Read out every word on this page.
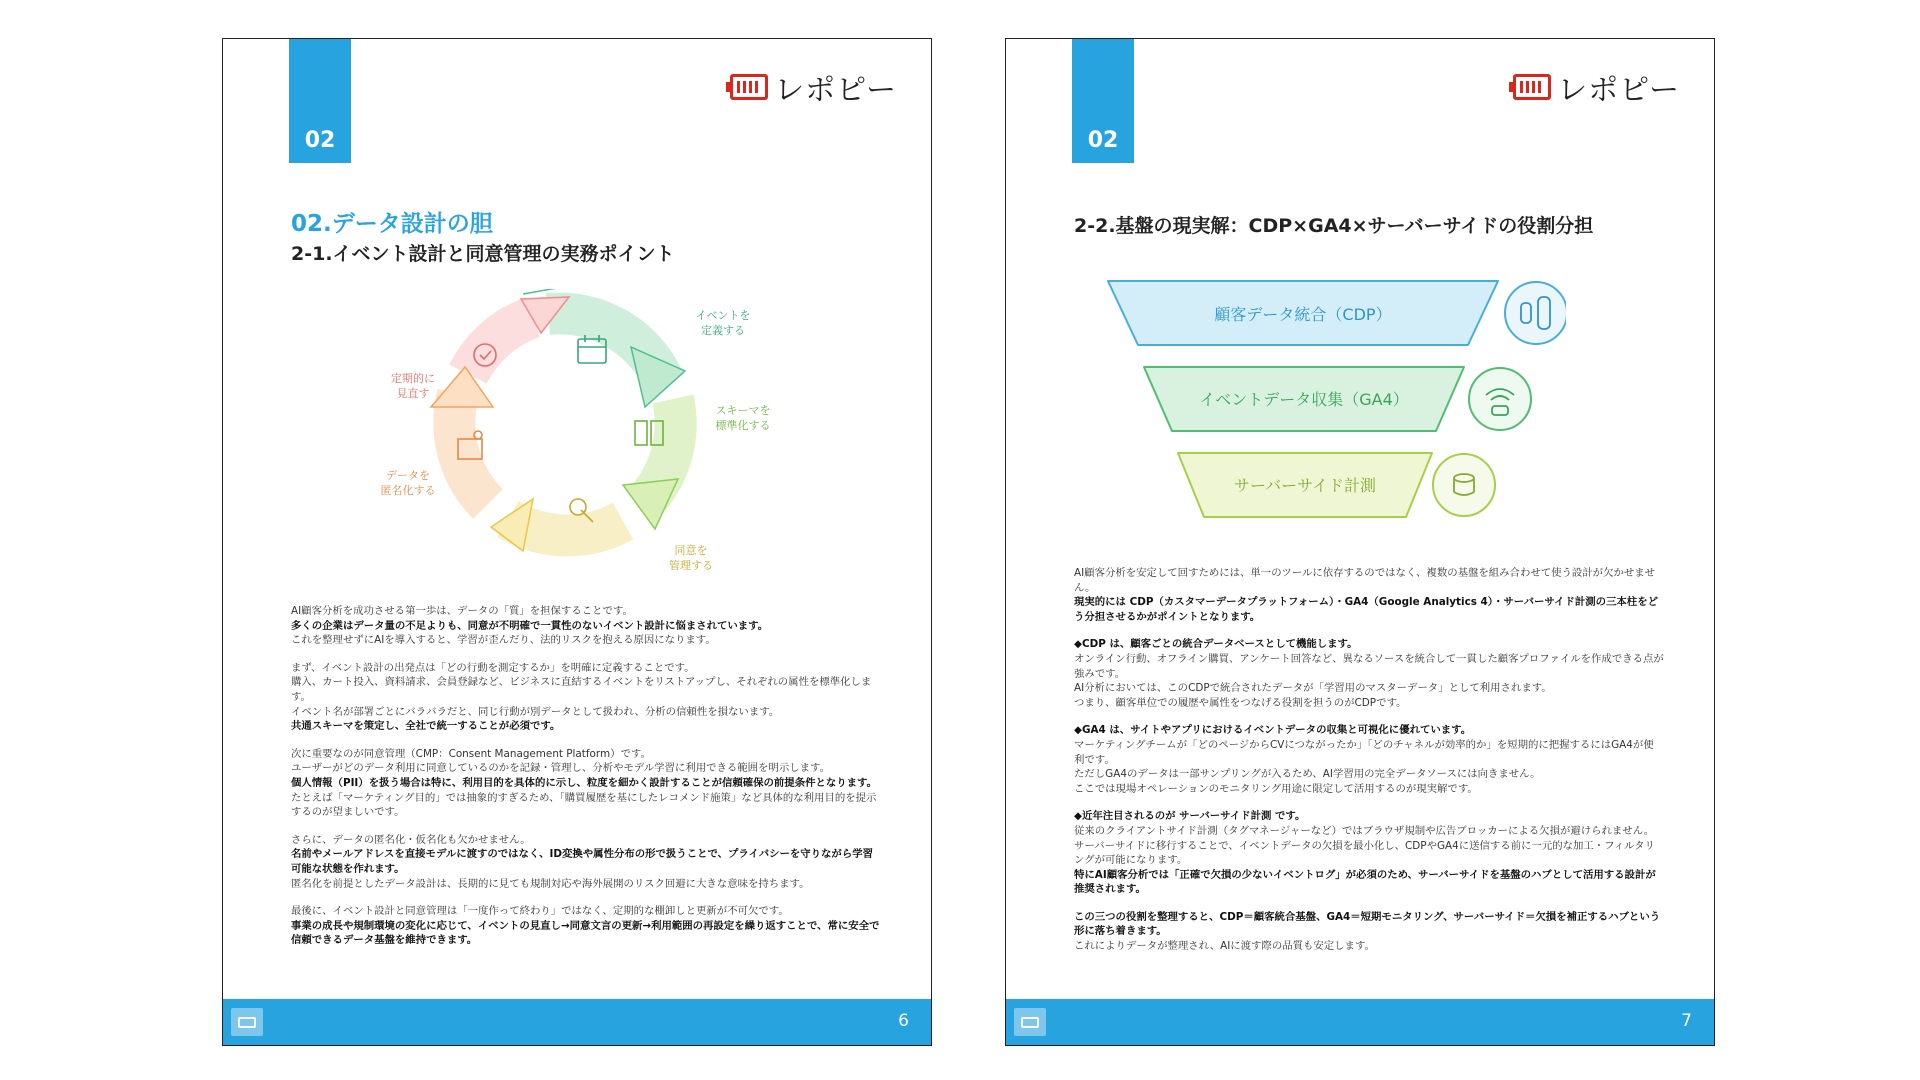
02
レポピー
02.データ設計の胆
2-1.イベント設計と同意管理の実務ポイント
イベントを定義する
スキーマを標準化する
同意を管理する
データを匿名化する
定期的に見直す

AI顧客分析を成功させる第一歩は、データの「質」を担保することです。
多くの企業はデータ量の不足よりも、同意が不明確で一貫性のないイベント設計に悩まされています。
これを整理せずにAIを導入すると、学習が歪んだり、法的リスクを抱える原因になります。

まず、イベント設計の出発点は「どの行動を測定するか」を明確に定義することです。
購入、カート投入、資料請求、会員登録など、ビジネスに直結するイベントをリストアップし、それぞれの属性を標準化します。
イベント名が部署ごとにバラバラだと、同じ行動が別データとして扱われ、分析の信頼性を損ないます。
共通スキーマを策定し、全社で統一することが必須です。

次に重要なのが同意管理（CMP：Consent Management Platform）です。
ユーザーがどのデータ利用に同意しているのかを記録・管理し、分析やモデル学習に利用できる範囲を明示します。
個人情報（PII）を扱う場合は特に、利用目的を具体的に示し、粒度を細かく設計することが信頼確保の前提条件となります。
たとえば「マーケティング目的」では抽象的すぎるため、「購買履歴を基にしたレコメンド施策」など具体的な利用目的を提示するのが望ましいです。

さらに、データの匿名化・仮名化も欠かせません。
名前やメールアドレスを直接モデルに渡すのではなく、ID変換や属性分布の形で扱うことで、プライバシーを守りながら学習可能な状態を作れます。
匿名化を前提としたデータ設計は、長期的に見ても規制対応や海外展開のリスク回避に大きな意味を持ちます。

最後に、イベント設計と同意管理は「一度作って終わり」ではなく、定期的な棚卸しと更新が不可欠です。
事業の成長や規制環境の変化に応じて、イベントの見直し→同意文言の更新→利用範囲の再設定を繰り返すことで、常に安全で信頼できるデータ基盤を維持できます。

6
02
レポピー
2-2.基盤の現実解：CDP×GA4×サーバーサイドの役割分担
顧客データ統合（CDP）
イベントデータ収集（GA4）
サーバーサイド計測

AI顧客分析を安定して回すためには、単一のツールに依存するのではなく、複数の基盤を組み合わせて使う設計が欠かせません。
現実的には CDP（カスタマーデータプラットフォーム）・GA4（Google Analytics 4）・サーバーサイド計測の三本柱をどう分担させるかがポイントとなります。

◆CDP は、顧客ごとの統合データベースとして機能します。
オンライン行動、オフライン購買、アンケート回答など、異なるソースを統合して一貫した顧客プロファイルを作成できる点が強みです。
AI分析においては、このCDPで統合されたデータが「学習用のマスターデータ」として利用されます。
つまり、顧客単位での履歴や属性をつなげる役割を担うのがCDPです。

◆GA4 は、サイトやアプリにおけるイベントデータの収集と可視化に優れています。
マーケティングチームが「どのページからCVにつながったか」「どのチャネルが効率的か」を短期的に把握するにはGA4が便利です。
ただしGA4のデータは一部サンプリングが入るため、AI学習用の完全データソースには向きません。
ここでは現場オペレーションのモニタリング用途に限定して活用するのが現実解です。

◆近年注目されるのが サーバーサイド計測 です。
従来のクライアントサイド計測（タグマネージャーなど）ではブラウザ規制や広告ブロッカーによる欠損が避けられません。
サーバーサイドに移行することで、イベントデータの欠損を最小化し、CDPやGA4に送信する前に一元的な加工・フィルタリングが可能になります。
特にAI顧客分析では「正確で欠損の少ないイベントログ」が必須のため、サーバーサイドを基盤のハブとして活用する設計が推奨されます。

この三つの役割を整理すると、CDP＝顧客統合基盤、GA4＝短期モニタリング、サーバーサイド＝欠損を補正するハブという形に落ち着きます。
これによりデータが整理され、AIに渡す際の品質も安定します。

7
